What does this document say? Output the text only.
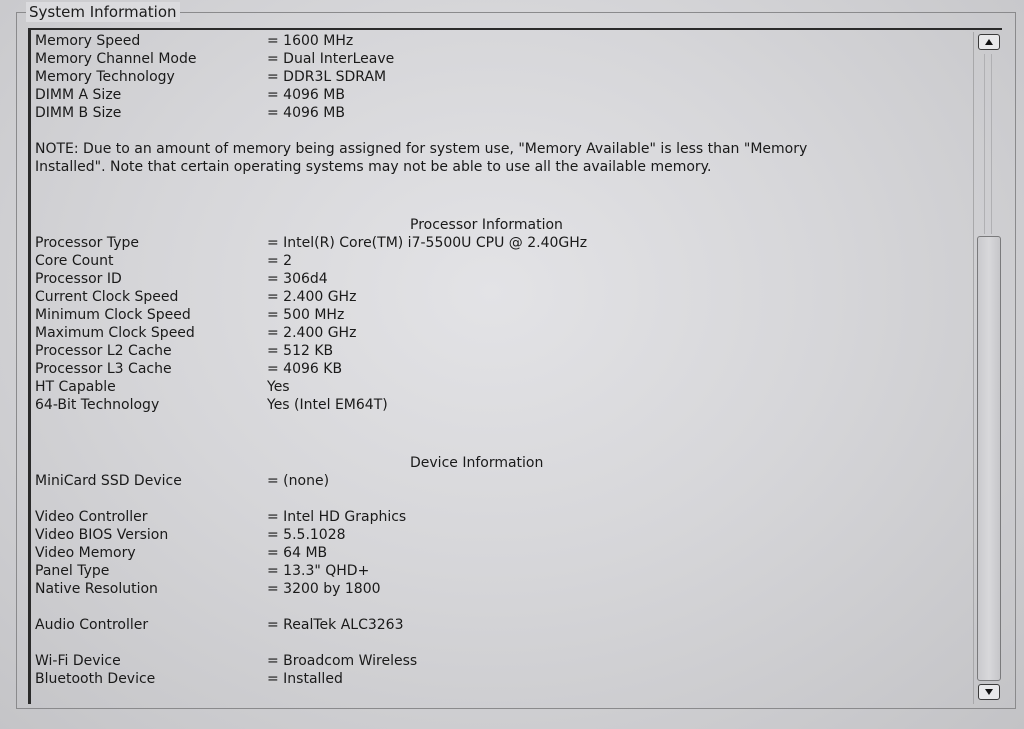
System Information
Memory Speed	= 1600 MHz
Memory Channel Mode	= Dual InterLeave
Memory Technology	= DDR3L SDRAM
DIMM A Size	= 4096 MB
DIMM B Size	= 4096 MB
NOTE: Due to an amount of memory being assigned for system use, "Memory Available" is less than "Memory Installed". Note that certain operating systems may not be able to use all the available memory.
Processor Information
Processor Type	= Intel(R) Core(TM) i7-5500U CPU @ 2.40GHz
Core Count	= 2
Processor ID	= 306d4
Current Clock Speed	= 2.400 GHz
Minimum Clock Speed	= 500 MHz
Maximum Clock Speed	= 2.400 GHz
Processor L2 Cache	= 512 KB
Processor L3 Cache	= 4096 KB
HT Capable	Yes
64-Bit Technology	Yes (Intel EM64T)
Device Information
MiniCard SSD Device	= (none)
Video Controller	= Intel HD Graphics
Video BIOS Version	= 5.5.1028
Video Memory	= 64 MB
Panel Type	= 13.3" QHD+
Native Resolution	= 3200 by 1800
Audio Controller	= RealTek ALC3263
Wi-Fi Device	= Broadcom Wireless
Bluetooth Device	= Installed
